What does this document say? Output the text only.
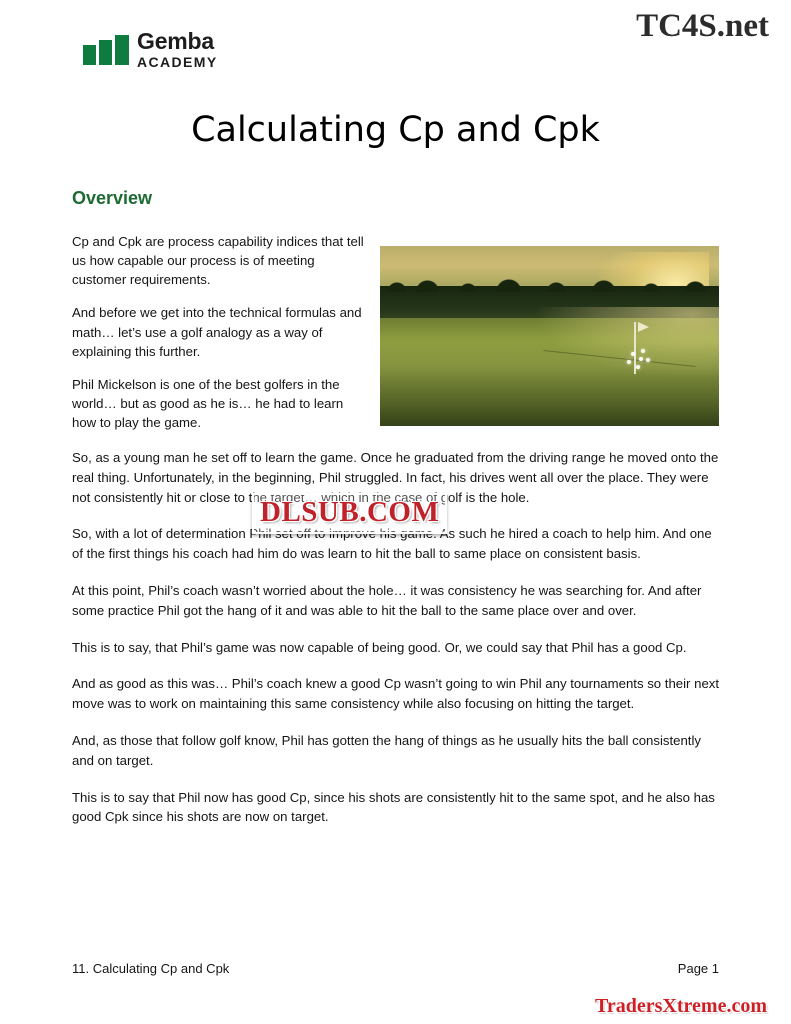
TC4S.net
Gemba
ACADEMY
Calculating Cp and Cpk
Overview

Cp and Cpk are process capability indices that tell us how capable our process is of meeting customer requirements.

And before we get into the technical formulas and math… let’s use a golf analogy as a way of explaining this further.

Phil Mickelson is one of the best golfers in the world… but as good as he is… he had to learn how to play the game.

So, as a young man he set off to learn the game. Once he graduated from the driving range he moved onto the real thing. Unfortunately, in the beginning, Phil struggled. In fact, his drives went all over the place. They were not consistently hit or close to the target… which in the case of golf is the hole.

So, with a lot of determination Phil set off to improve his game. As such he hired a coach to help him. And one of the first things his coach had him do was learn to hit the ball to same place on consistent basis.

At this point, Phil’s coach wasn’t worried about the hole… it was consistency he was searching for. And after some practice Phil got the hang of it and was able to hit the ball to the same place over and over.

This is to say, that Phil’s game was now capable of being good. Or, we could say that Phil has a good Cp.

And as good as this was… Phil’s coach knew a good Cp wasn’t going to win Phil any tournaments so their next move was to work on maintaining this same consistency while also focusing on hitting the target.

And, as those that follow golf know, Phil has gotten the hang of things as he usually hits the ball consistently and on target.

This is to say that Phil now has good Cp, since his shots are consistently hit to the same spot, and he also has good Cpk since his shots are now on target.

DLSUB.COM
11. Calculating Cp and Cpk	Page 1
TradersXtreme.com
